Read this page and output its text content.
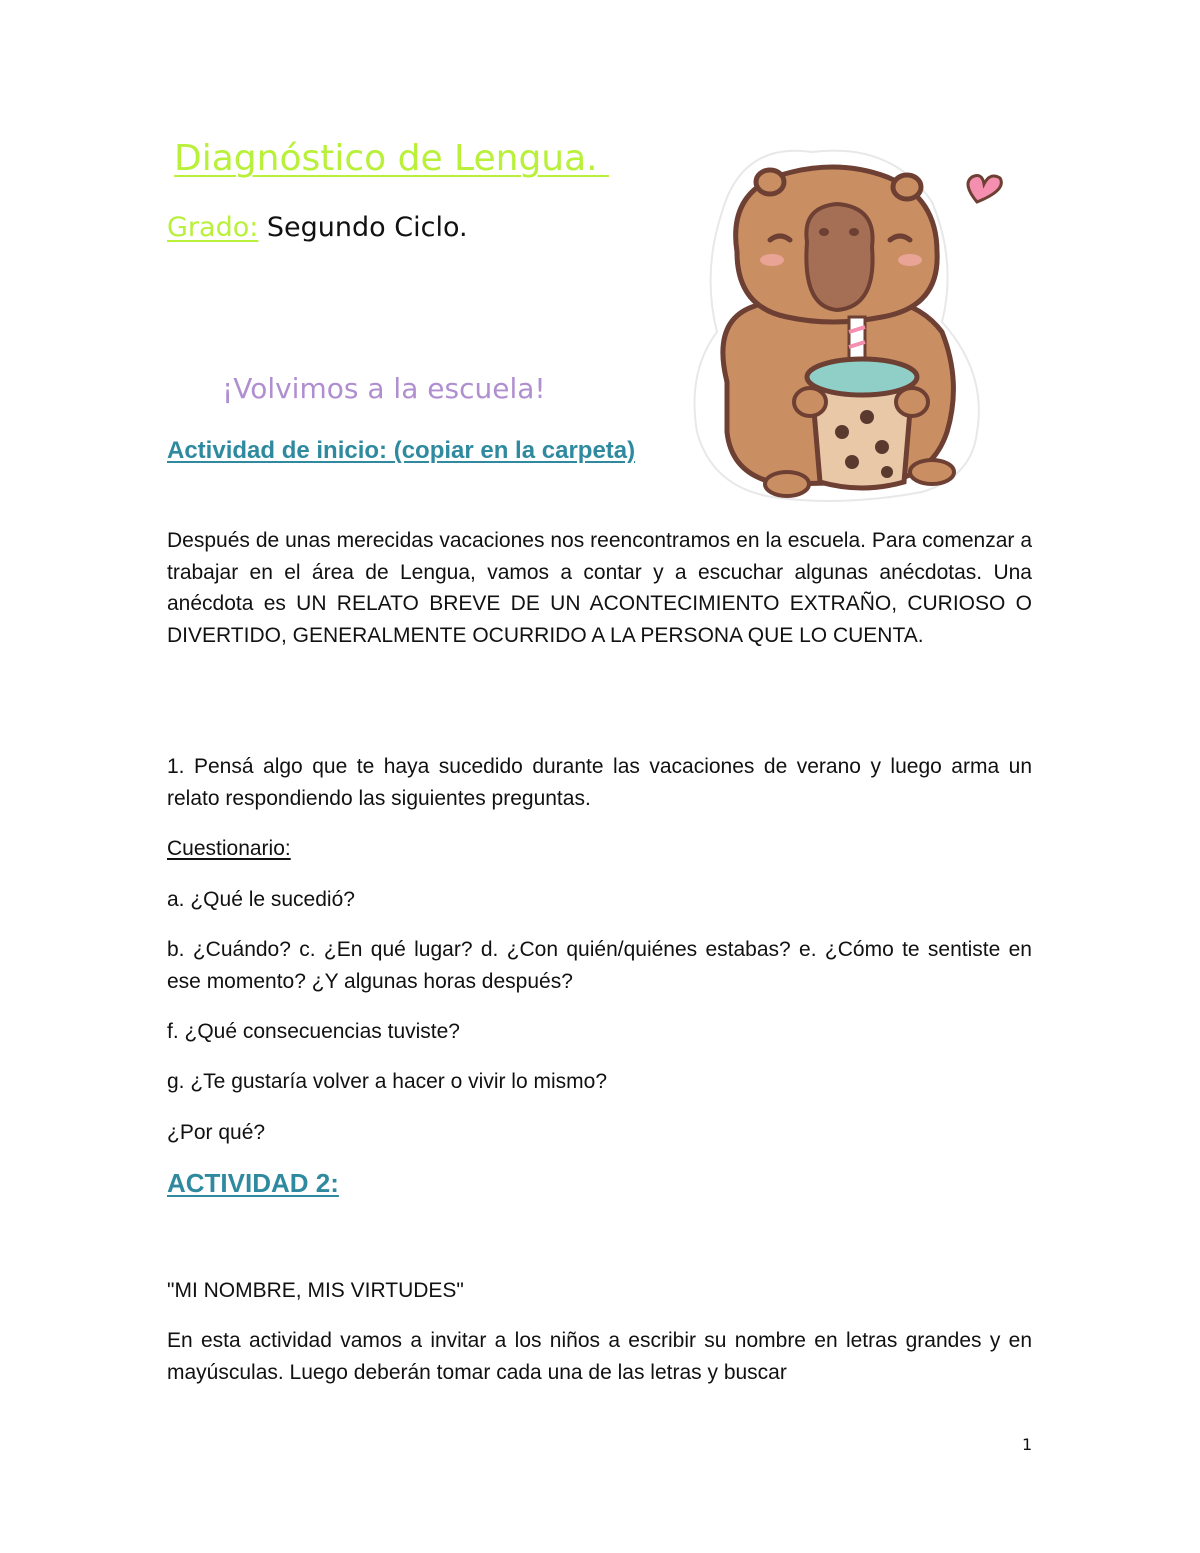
Diagnóstico de Lengua.
Grado: Segundo Ciclo.
¡Volvimos a la escuela!
Actividad de inicio: (copiar en la carpeta)
Después de unas merecidas vacaciones nos reencontramos en la escuela. Para comenzar a trabajar en el área de Lengua, vamos a contar y a escuchar algunas anécdotas. Una anécdota es UN RELATO BREVE DE UN ACONTECIMIENTO EXTRAÑO, CURIOSO O DIVERTIDO, GENERALMENTE OCURRIDO A LA PERSONA QUE LO CUENTA.
1. Pensá algo que te haya sucedido durante las vacaciones de verano y luego arma un relato respondiendo las siguientes preguntas.
Cuestionario:
a. ¿Qué le sucedió?
b. ¿Cuándo? c. ¿En qué lugar? d. ¿Con quién/quiénes estabas? e. ¿Cómo te sentiste en ese momento? ¿Y algunas horas después?
f. ¿Qué consecuencias tuviste?
g. ¿Te gustaría volver a hacer o vivir lo mismo?
¿Por qué?
ACTIVIDAD 2:
"MI NOMBRE, MIS VIRTUDES"
En esta actividad vamos a invitar a los niños a escribir su nombre en letras grandes y en mayúsculas. Luego deberán tomar cada una de las letras y buscar
1
